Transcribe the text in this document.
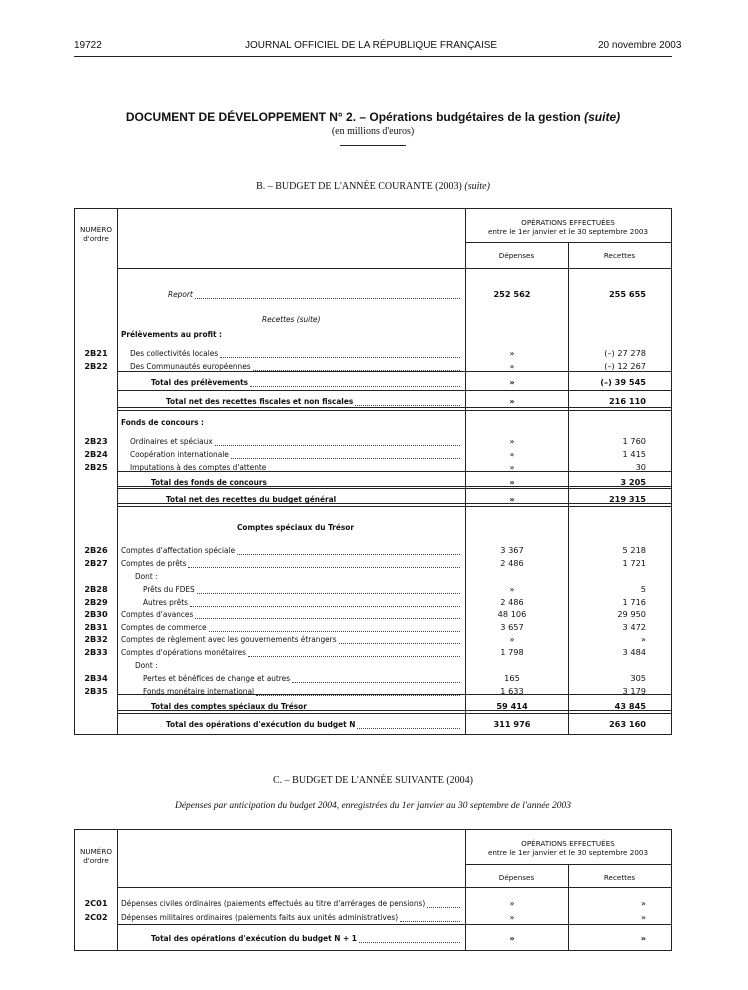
19722	JOURNAL OFFICIEL DE LA RÉPUBLIQUE FRANÇAISE	20 novembre 2003
DOCUMENT DE DÉVELOPPEMENT N° 2. – Opérations budgétaires de la gestion (suite)
(en millions d'euros)
B. – BUDGET DE L'ANNÉE COURANTE (2003) (suite)
NUMÉRO
d'ordre
OPÉRATIONS EFFECTUÉES
entre le 1er janvier et le 30 septembre 2003
Dépenses	Recettes
Report	252 562	255 655
Recettes (suite)
Prélèvements au profit :
2B21	Des collectivités locales	»	(–) 27 278
2B22	Des Communautés européennes	»	(–) 12 267
Total des prélèvements	»	(–) 39 545
Total net des recettes fiscales et non fiscales	»	216 110
Fonds de concours :
2B23	Ordinaires et spéciaux	»	1 760
2B24	Coopération internationale	»	1 415
2B25	Imputations à des comptes d'attente	»	30
Total des fonds de concours	»	3 205
Total net des recettes du budget général	»	219 315
Comptes spéciaux du Trésor
2B26	Comptes d'affectation spéciale	3 367	5 218
2B27	Comptes de prêts	2 486	1 721
Dont :
2B28	Prêts du FDES	»	5
2B29	Autres prêts	2 486	1 716
2B30	Comptes d'avances	48 106	29 950
2B31	Comptes de commerce	3 657	3 472
2B32	Comptes de règlement avec les gouvernements étrangers	»	»
2B33	Comptes d'opérations monétaires	1 798	3 484
Dont :
2B34	Pertes et bénéfices de change et autres	165	305
2B35	Fonds monétaire international	1 633	3 179
Total des comptes spéciaux du Trésor	59 414	43 845
Total des opérations d'exécution du budget N	311 976	263 160
C. – BUDGET DE L'ANNÉE SUIVANTE (2004)
Dépenses par anticipation du budget 2004, enregistrées du 1er janvier au 30 septembre de l'année 2003
NUMÉRO
d'ordre
OPÉRATIONS EFFECTUÉES
entre le 1er janvier et le 30 septembre 2003
Dépenses	Recettes
2C01	Dépenses civiles ordinaires (paiements effectués au titre d'arrérages de pensions)	»	»
2C02	Dépenses militaires ordinaires (paiements faits aux unités administratives)	»	»
Total des opérations d'exécution du budget N + 1	»	»
